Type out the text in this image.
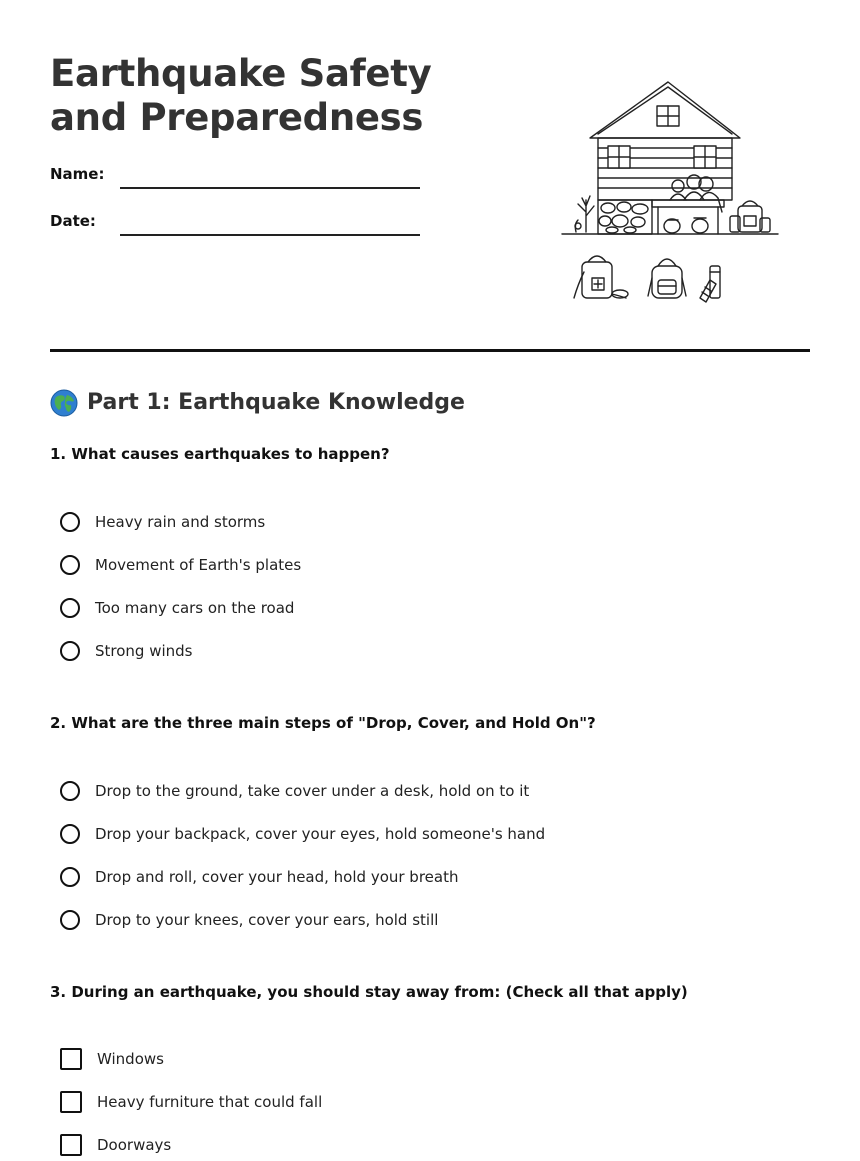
Earthquake Safety and Preparedness
Name:
Date:
Part 1: Earthquake Knowledge

1. What causes earthquakes to happen?

Heavy rain and storms
Movement of Earth's plates
Too many cars on the road
Strong winds

2. What are the three main steps of "Drop, Cover, and Hold On"?

Drop to the ground, take cover under a desk, hold on to it
Drop your backpack, cover your eyes, hold someone's hand
Drop and roll, cover your head, hold your breath
Drop to your knees, cover your ears, hold still

3. During an earthquake, you should stay away from: (Check all that apply)

Windows
Heavy furniture that could fall
Doorways
